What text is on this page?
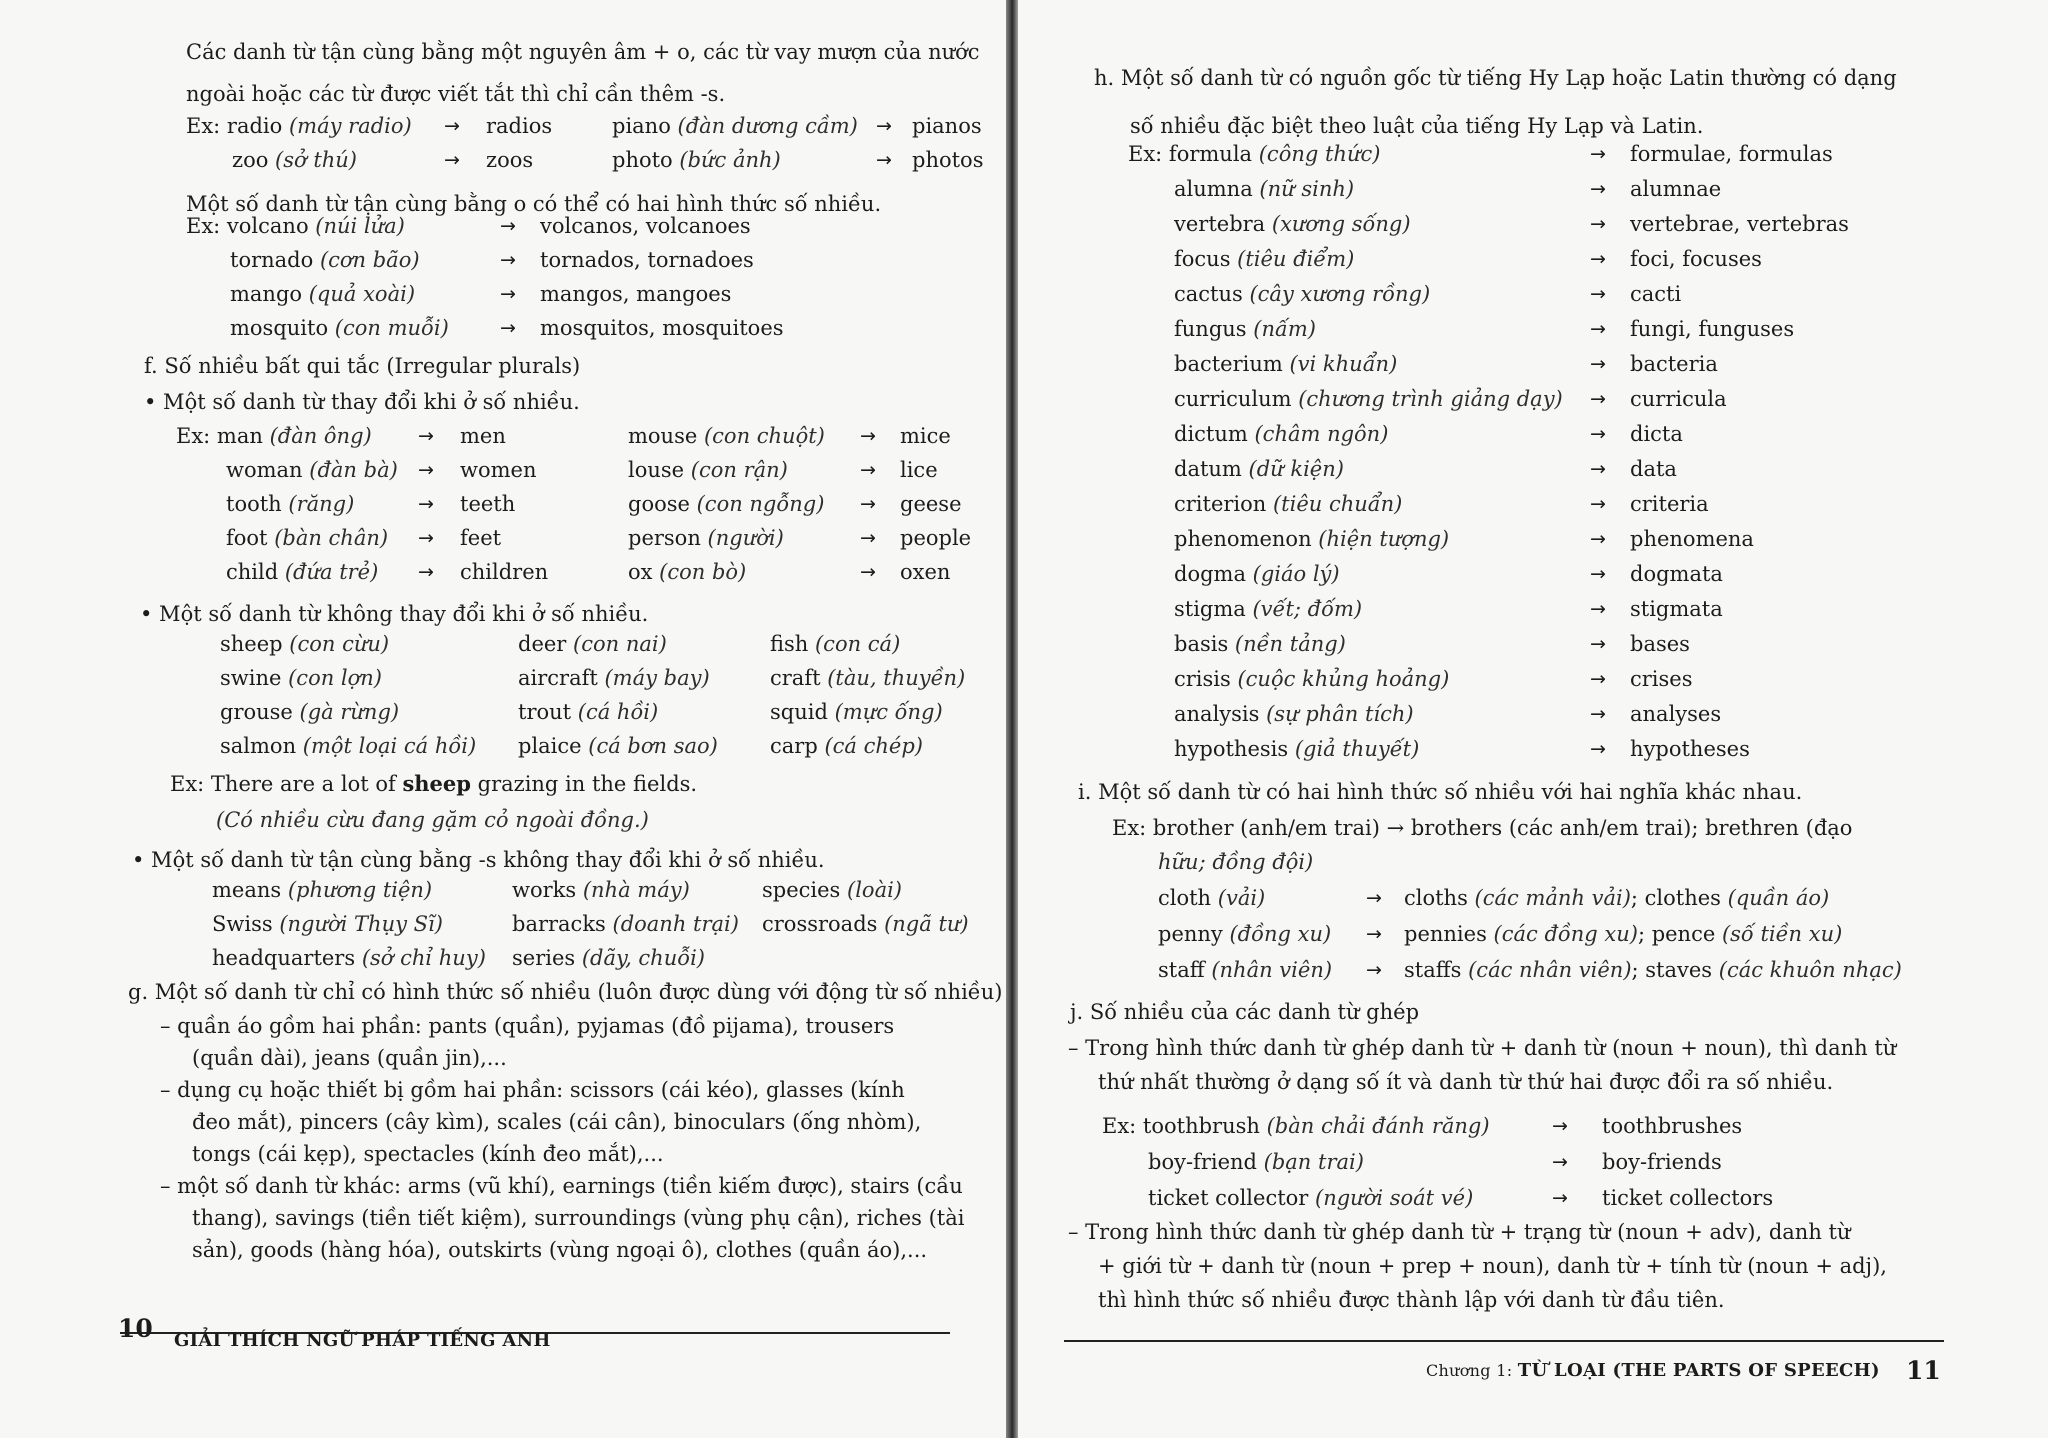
Các danh từ tận cùng bằng một nguyên âm + o, các từ vay mượn của nước
ngoài hoặc các từ được viết tắt thì chỉ cần thêm -s.
Ex: radio (máy radio) → radios	piano (đàn dương cầm) → pianos
zoo (sở thú)	→ zoos	photo (bức ảnh)	→ photos
Một số danh từ tận cùng bằng o có thể có hai hình thức số nhiều.
Ex: volcano (núi lửa)	→ volcanos, volcanoes
tornado (cơn bão)	→ tornados, tornadoes
mango (quả xoài)	→ mangos, mangoes
mosquito (con muỗi)	→ mosquitos, mosquitoes
f. Số nhiều bất qui tắc (Irregular plurals)
• Một số danh từ thay đổi khi ở số nhiều.
Ex: man (đàn ông) → men	mouse (con chuột) → mice
woman (đàn bà) → women	louse (con rận)	→ lice
tooth (răng)	→ teeth	goose (con ngỗng) → geese
foot (bàn chân) → feet	person (người)	→ people
child (đứa trẻ) → children	ox (con bò)	→ oxen
• Một số danh từ không thay đổi khi ở số nhiều.
sheep (con cừu)	deer (con nai)	fish (con cá)
swine (con lợn)	aircraft (máy bay)	craft (tàu, thuyền)
grouse (gà rừng)	trout (cá hồi)	squid (mực ống)
salmon (một loại cá hồi) plaice (cá bơn sao) carp (cá chép)
Ex: There are a lot of sheep grazing in the fields.
(Có nhiều cừu đang gặm cỏ ngoài đồng.)
• Một số danh từ tận cùng bằng -s không thay đổi khi ở số nhiều.
means (phương tiện)	works (nhà máy)	species (loài)
Swiss (người Thụy Sĩ)	barracks (doanh trại) crossroads (ngã tư)
headquarters (sở chỉ huy) series (dãy, chuỗi)
g. Một số danh từ chỉ có hình thức số nhiều (luôn được dùng với động từ số nhiều)
– quần áo gồm hai phần: pants (quần), pyjamas (đồ pijama), trousers
(quần dài), jeans (quần jin),...
– dụng cụ hoặc thiết bị gồm hai phần: scissors (cái kéo), glasses (kính
đeo mắt), pincers (cây kìm), scales (cái cân), binoculars (ống nhòm),
tongs (cái kẹp), spectacles (kính đeo mắt),...
– một số danh từ khác: arms (vũ khí), earnings (tiền kiếm được), stairs (cầu
thang), savings (tiền tiết kiệm), surroundings (vùng phụ cận), riches (tài
sản), goods (hàng hóa), outskirts (vùng ngoại ô), clothes (quần áo),...
10 GIẢI THÍCH NGỮ PHÁP TIẾNG ANH
h. Một số danh từ có nguồn gốc từ tiếng Hy Lạp hoặc Latin thường có dạng
số nhiều đặc biệt theo luật của tiếng Hy Lạp và Latin.
Ex: formula (công thức)	→ formulae, formulas
alumna (nữ sinh)	→ alumnae
vertebra (xương sống)	→ vertebrae, vertebras
focus (tiêu điểm)	→ foci, focuses
cactus (cây xương rồng)	→ cacti
fungus (nấm)	→ fungi, funguses
bacterium (vi khuẩn)	→ bacteria
curriculum (chương trình giảng dạy) → curricula
dictum (châm ngôn)	→ dicta
datum (dữ kiện)	→ data
criterion (tiêu chuẩn)	→ criteria
phenomenon (hiện tượng)	→ phenomena
dogma (giáo lý)	→ dogmata
stigma (vết; đốm)	→ stigmata
basis (nền tảng)	→ bases
crisis (cuộc khủng hoảng)	→ crises
analysis (sự phân tích)	→ analyses
hypothesis (giả thuyết)	→ hypotheses
i. Một số danh từ có hai hình thức số nhiều với hai nghĩa khác nhau.
Ex: brother (anh/em trai) → brothers (các anh/em trai); brethren (đạo
hữu; đồng đội)
cloth (vải)	→ cloths (các mảnh vải); clothes (quần áo)
penny (đồng xu) → pennies (các đồng xu); pence (số tiền xu)
staff (nhân viên) → staffs (các nhân viên); staves (các khuôn nhạc)
j. Số nhiều của các danh từ ghép
– Trong hình thức danh từ ghép danh từ + danh từ (noun + noun), thì danh từ
thứ nhất thường ở dạng số ít và danh từ thứ hai được đổi ra số nhiều.
Ex: toothbrush (bàn chải đánh răng)	→ toothbrushes
boy-friend (bạn trai)	→ boy-friends
ticket collector (người soát vé)	→ ticket collectors
– Trong hình thức danh từ ghép danh từ + trạng từ (noun + adv), danh từ
+ giới từ + danh từ (noun + prep + noun), danh từ + tính từ (noun + adj),
thì hình thức số nhiều được thành lập với danh từ đầu tiên.
Chương 1: TỪ LOẠI (THE PARTS OF SPEECH) 11
